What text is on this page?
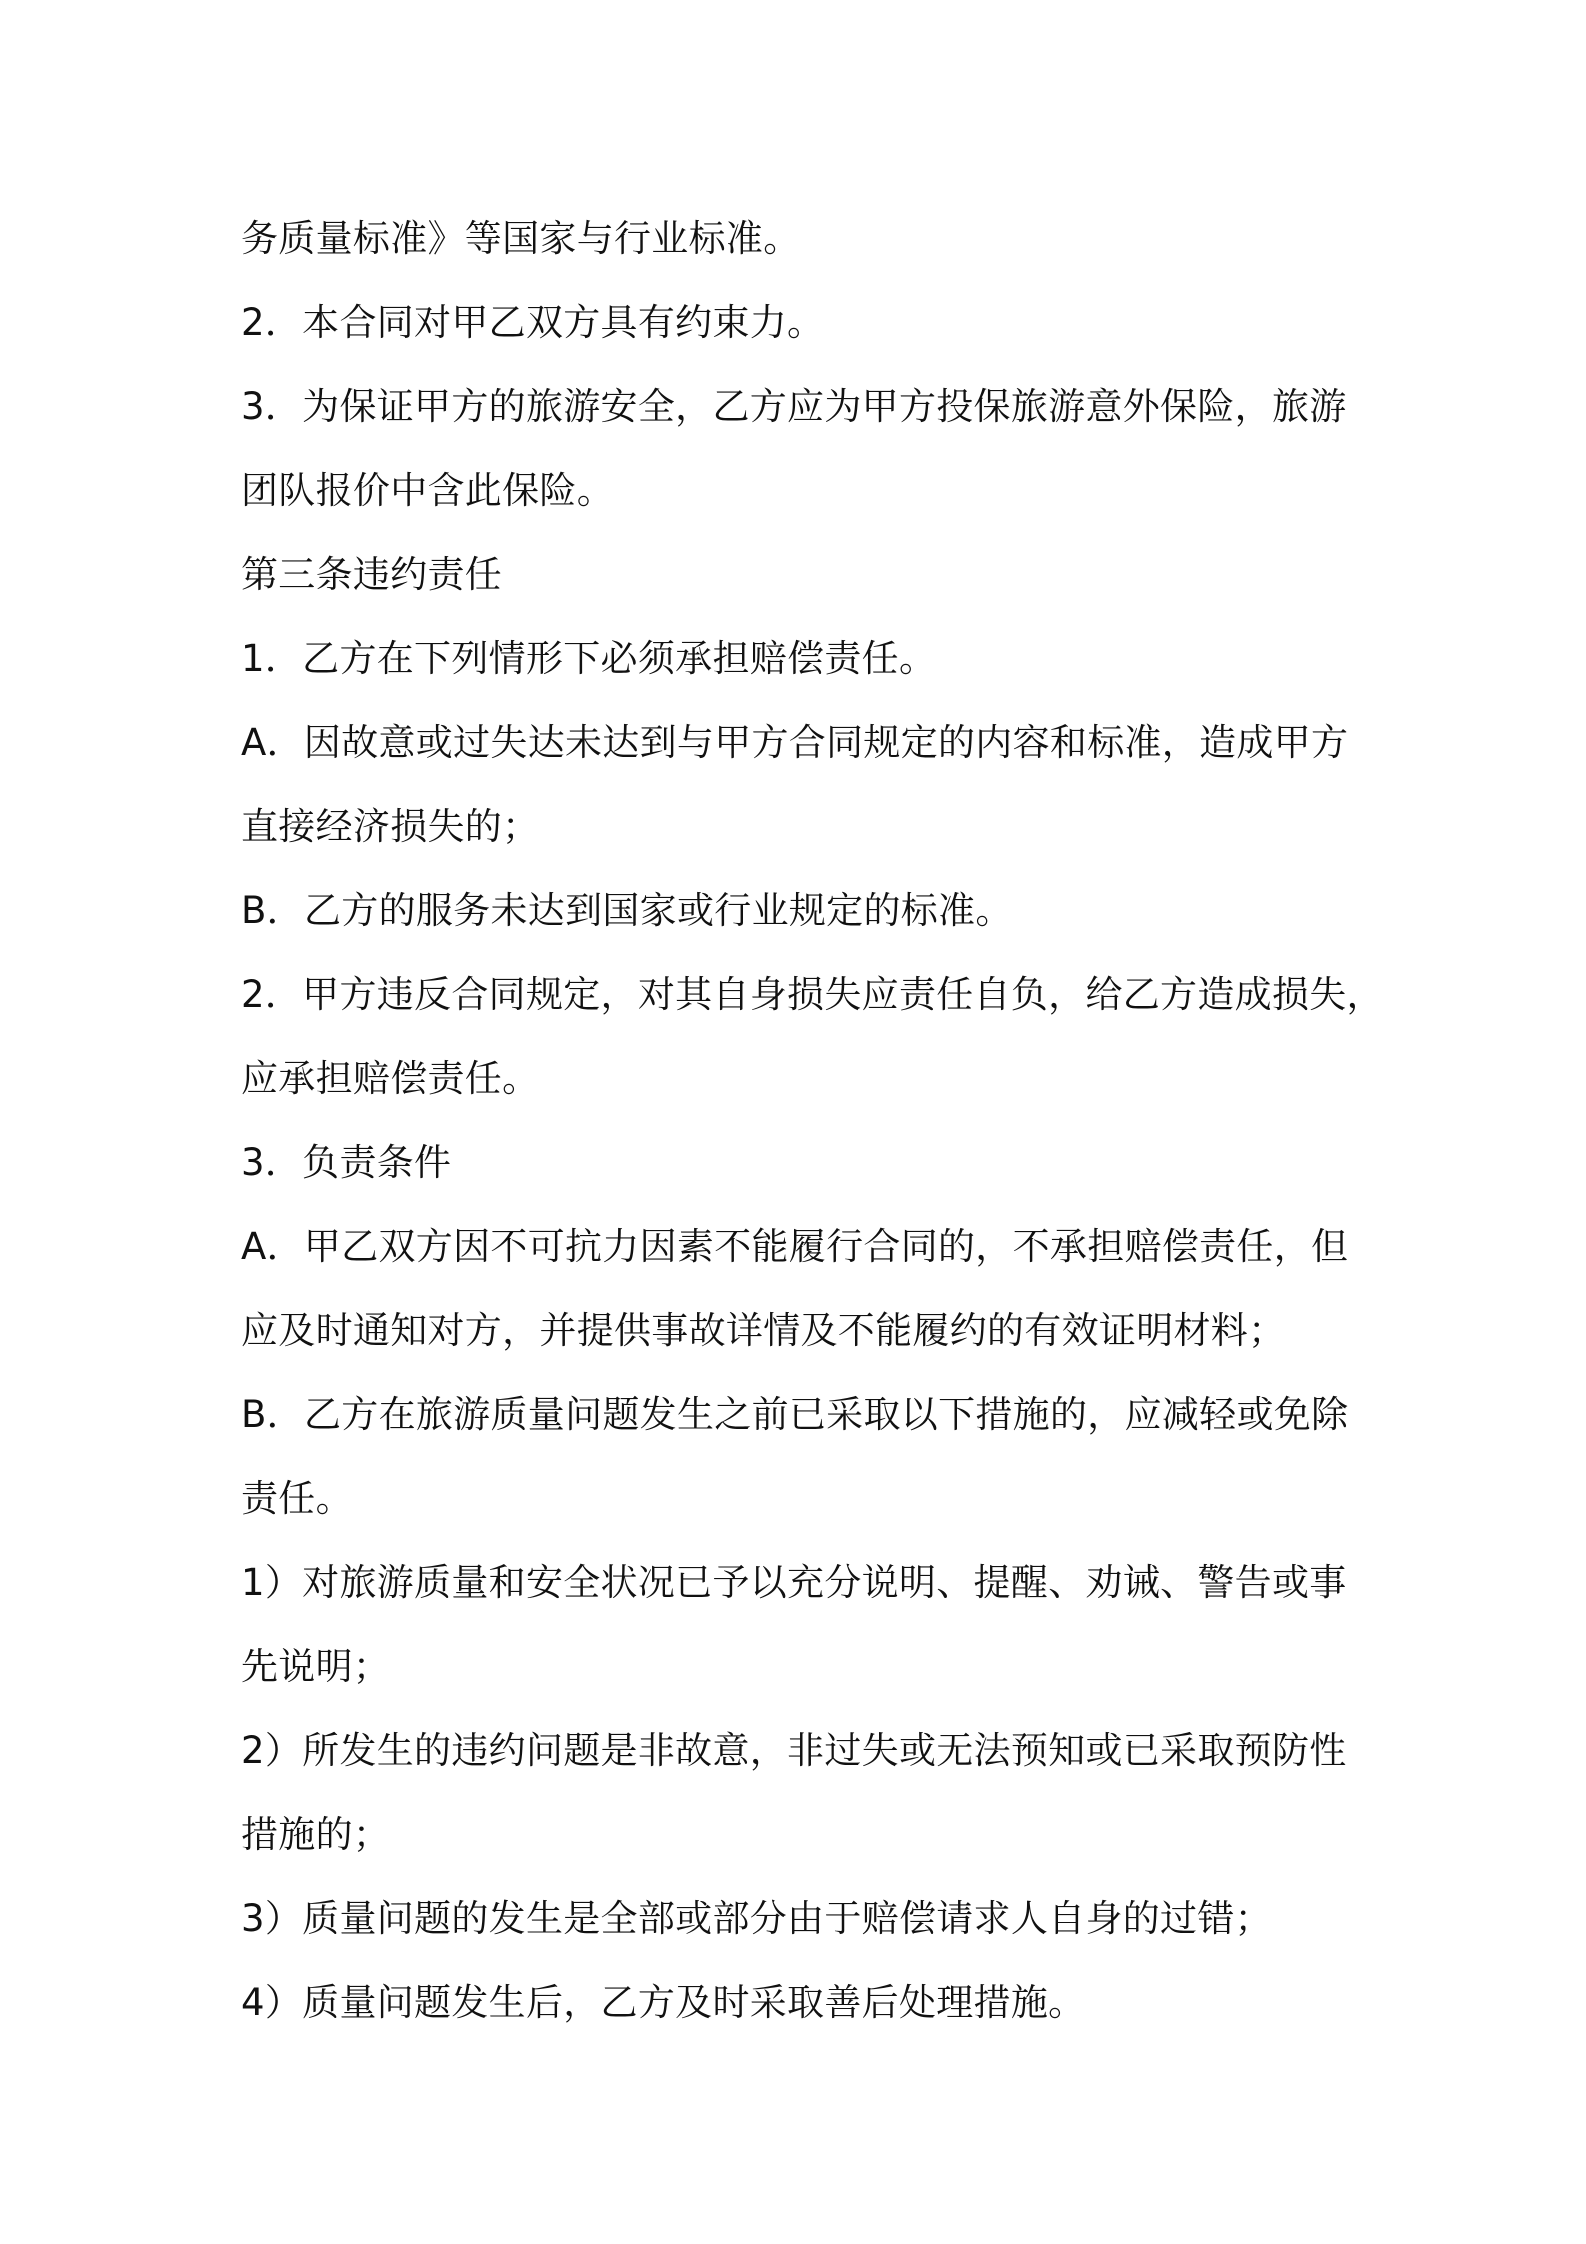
务质量标准》等国家与行业标准。
2．本合同对甲乙双方具有约束力。
3．为保证甲方的旅游安全，乙方应为甲方投保旅游意外保险，旅游
团队报价中含此保险。
第三条违约责任
1．乙方在下列情形下必须承担赔偿责任。
A．因故意或过失达未达到与甲方合同规定的内容和标准，造成甲方
直接经济损失的；
B．乙方的服务未达到国家或行业规定的标准。
2．甲方违反合同规定，对其自身损失应责任自负，给乙方造成损失，
应承担赔偿责任。
3．负责条件
A．甲乙双方因不可抗力因素不能履行合同的，不承担赔偿责任，但
应及时通知对方，并提供事故详情及不能履约的有效证明材料；
B．乙方在旅游质量问题发生之前已采取以下措施的，应减轻或免除
责任。
1）对旅游质量和安全状况已予以充分说明、提醒、劝诫、警告或事
先说明；
2）所发生的违约问题是非故意，非过失或无法预知或已采取预防性
措施的；
3）质量问题的发生是全部或部分由于赔偿请求人自身的过错；
4）质量问题发生后，乙方及时采取善后处理措施。
